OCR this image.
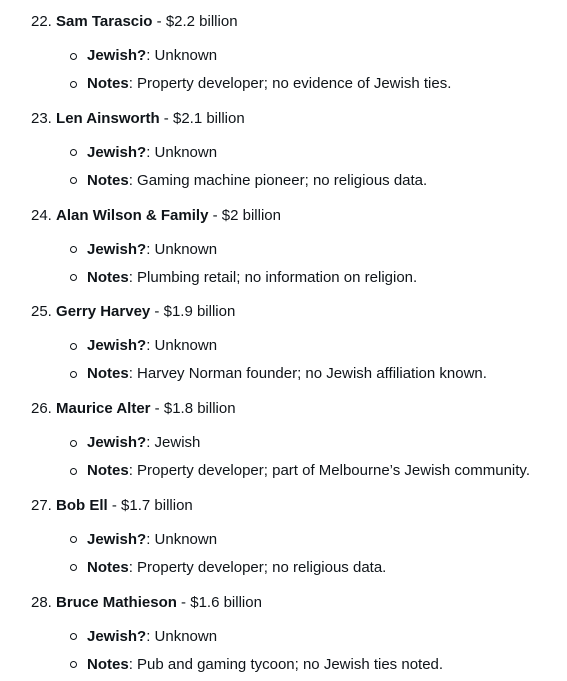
22. Sam Tarascio - $2.2 billion
Jewish?: Unknown
Notes: Property developer; no evidence of Jewish ties.
23. Len Ainsworth - $2.1 billion
Jewish?: Unknown
Notes: Gaming machine pioneer; no religious data.
24. Alan Wilson & Family - $2 billion
Jewish?: Unknown
Notes: Plumbing retail; no information on religion.
25. Gerry Harvey - $1.9 billion
Jewish?: Unknown
Notes: Harvey Norman founder; no Jewish affiliation known.
26. Maurice Alter - $1.8 billion
Jewish?: Jewish
Notes: Property developer; part of Melbourne’s Jewish community.
27. Bob Ell - $1.7 billion
Jewish?: Unknown
Notes: Property developer; no religious data.
28. Bruce Mathieson - $1.6 billion
Jewish?: Unknown
Notes: Pub and gaming tycoon; no Jewish ties noted.
